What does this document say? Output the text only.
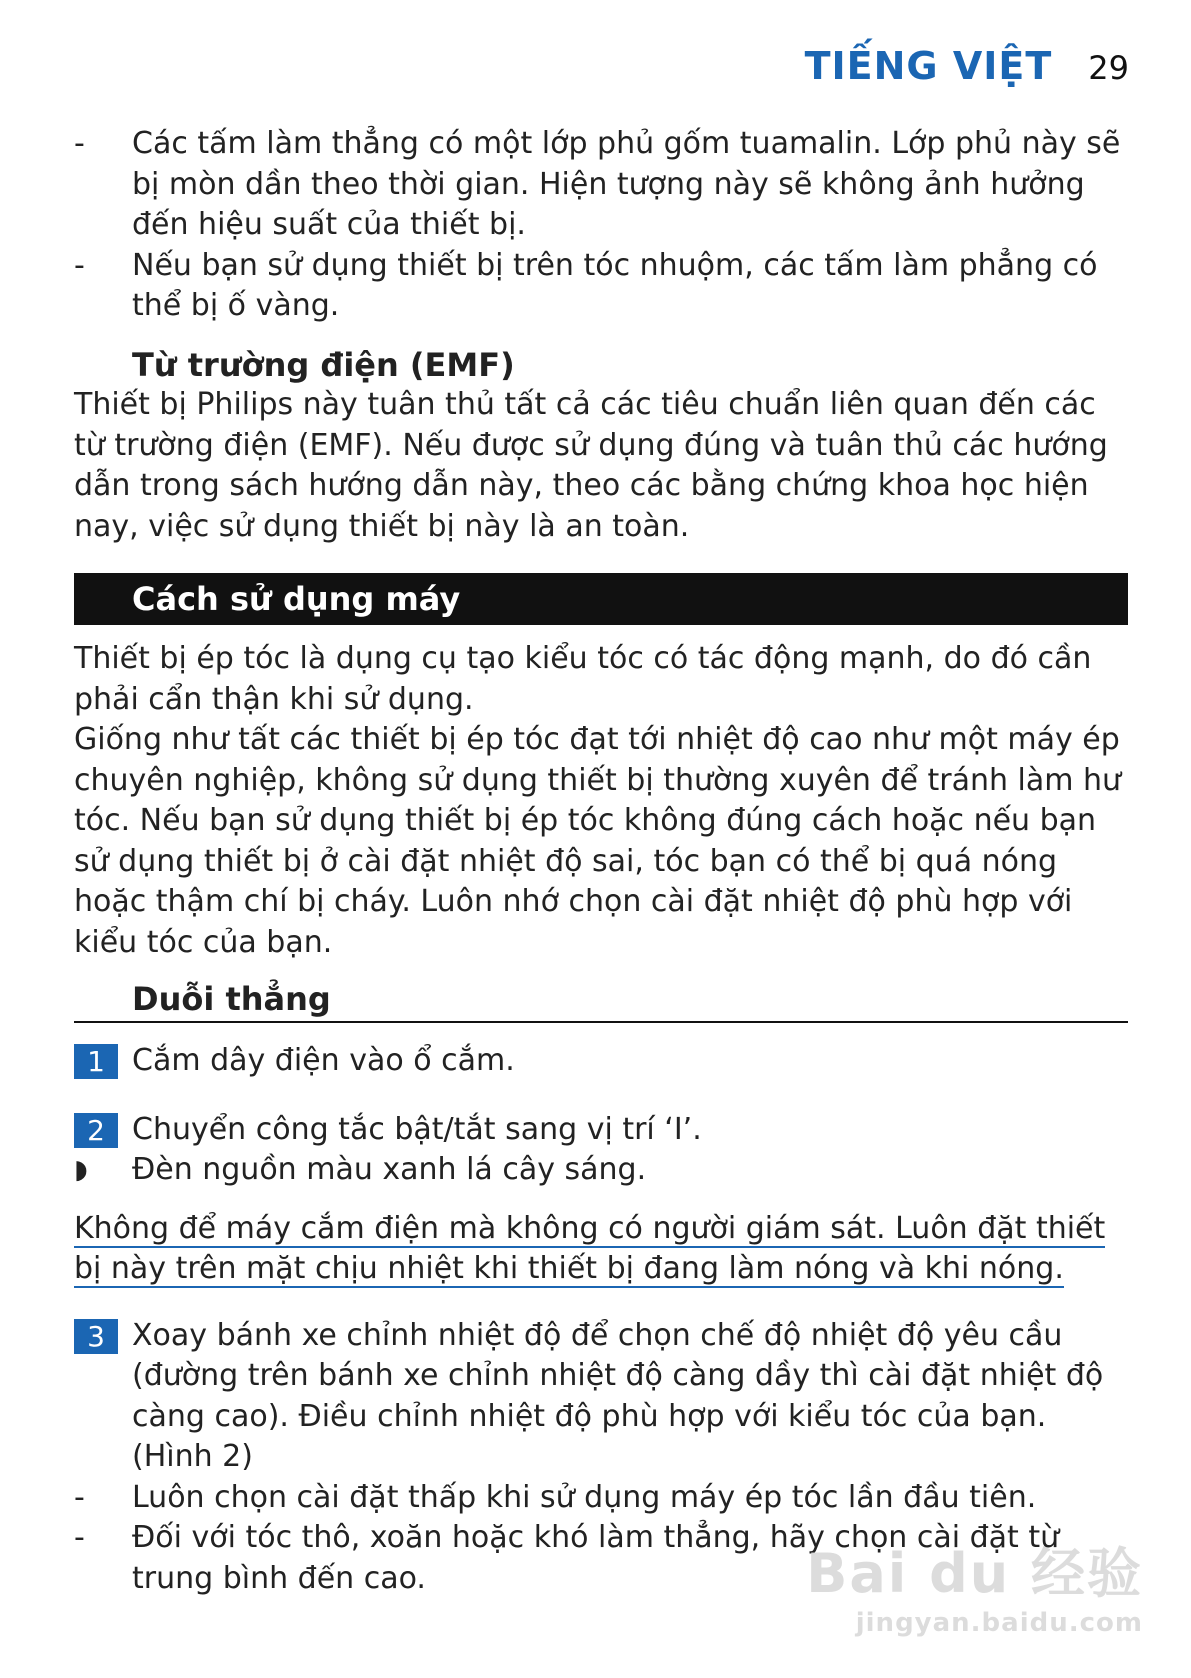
TIẾNG VIỆT 29
-	Các tấm làm thẳng có một lớp phủ gốm tuamalin. Lớp phủ này sẽ bị mòn dần theo thời gian. Hiện tượng này sẽ không ảnh hưởng đến hiệu suất của thiết bị.
-	Nếu bạn sử dụng thiết bị trên tóc nhuộm, các tấm làm phẳng có thể bị ố vàng.
Từ trường điện (EMF)
Thiết bị Philips này tuân thủ tất cả các tiêu chuẩn liên quan đến các từ trường điện (EMF). Nếu được sử dụng đúng và tuân thủ các hướng dẫn trong sách hướng dẫn này, theo các bằng chứng khoa học hiện nay, việc sử dụng thiết bị này là an toàn.
Cách sử dụng máy
Thiết bị ép tóc là dụng cụ tạo kiểu tóc có tác động mạnh, do đó cần phải cẩn thận khi sử dụng.
Giống như tất các thiết bị ép tóc đạt tới nhiệt độ cao như một máy ép chuyên nghiệp, không sử dụng thiết bị thường xuyên để tránh làm hư tóc. Nếu bạn sử dụng thiết bị ép tóc không đúng cách hoặc nếu bạn sử dụng thiết bị ở cài đặt nhiệt độ sai, tóc bạn có thể bị quá nóng hoặc thậm chí bị cháy. Luôn nhớ chọn cài đặt nhiệt độ phù hợp với kiểu tóc của bạn.
Duỗi thẳng
1 Cắm dây điện vào ổ cắm.
2 Chuyển công tắc bật/tắt sang vị trí ‘I’.
◗ Đèn nguồn màu xanh lá cây sáng.
Không để máy cắm điện mà không có người giám sát. Luôn đặt thiết bị này trên mặt chịu nhiệt khi thiết bị đang làm nóng và khi nóng.
3 Xoay bánh xe chỉnh nhiệt độ để chọn chế độ nhiệt độ yêu cầu (đường trên bánh xe chỉnh nhiệt độ càng dầy thì cài đặt nhiệt độ càng cao). Điều chỉnh nhiệt độ phù hợp với kiểu tóc của bạn. (Hình 2)
-	Luôn chọn cài đặt thấp khi sử dụng máy ép tóc lần đầu tiên.
-	Đối với tóc thô, xoăn hoặc khó làm thẳng, hãy chọn cài đặt từ trung bình đến cao.	Bai du 经验
jingyan.baidu.com
